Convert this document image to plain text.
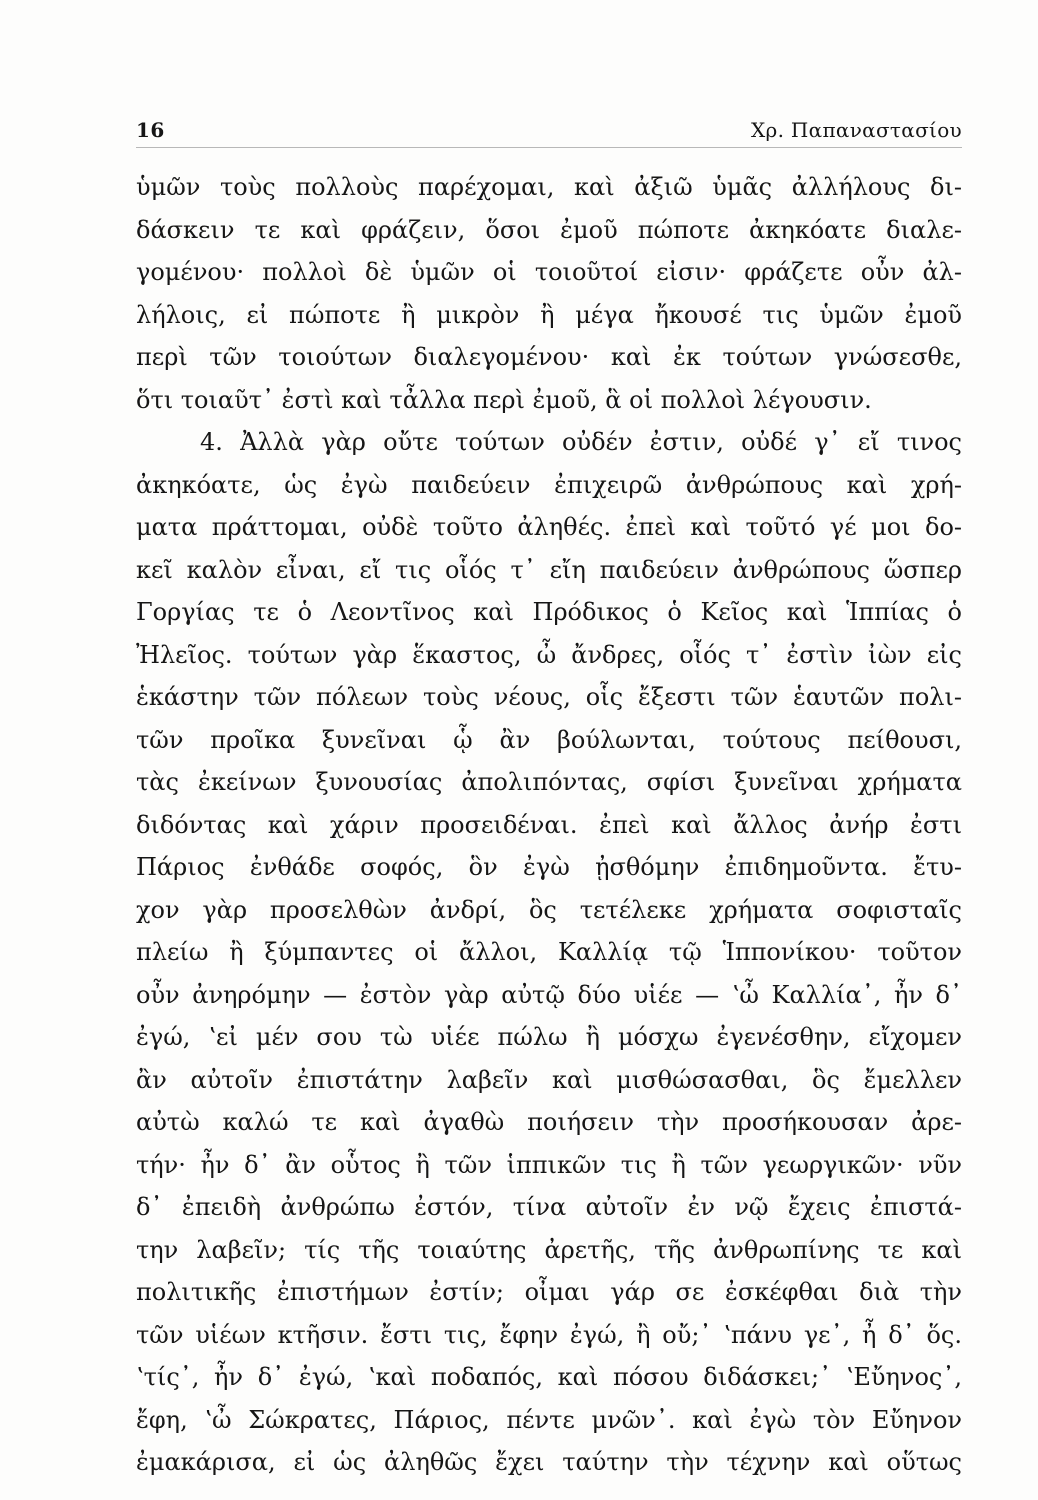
16	Χρ. Παπαναστασίου
ὑμῶν τοὺς πολλοὺς παρέχομαι, καὶ ἀξιῶ ὑμᾶς ἀλλήλους δι-
δάσκειν τε καὶ φράζειν, ὅσοι ἐμοῦ πώποτε ἀκηκόατε διαλε-
γομένου· πολλοὶ δὲ ὑμῶν οἱ τοιοῦτοί εἰσιν· φράζετε οὖν ἀλ-
λήλοις, εἰ πώποτε ἢ μικρὸν ἢ μέγα ἤκουσέ τις ὑμῶν ἐμοῦ
περὶ τῶν τοιούτων διαλεγομένου· καὶ ἐκ τούτων γνώσεσθε,
ὅτι τοιαῦτ᾽ ἐστὶ καὶ τἆλλα περὶ ἐμοῦ, ἃ οἱ πολλοὶ λέγουσιν.
4. Ἀλλὰ γὰρ οὔτε τούτων οὐδέν ἐστιν, οὐδέ γ᾽ εἴ τινος
ἀκηκόατε, ὡς ἐγὼ παιδεύειν ἐπιχειρῶ ἀνθρώπους καὶ χρή-
ματα πράττομαι, οὐδὲ τοῦτο ἀληθές. ἐπεὶ καὶ τοῦτό γέ μοι δο-
κεῖ καλὸν εἶναι, εἴ τις οἷός τ᾽ εἴη παιδεύειν ἀνθρώπους ὥσπερ
Γοργίας τε ὁ Λεοντῖνος καὶ Πρόδικος ὁ Κεῖος καὶ Ἱππίας ὁ
Ἠλεῖος. τούτων γὰρ ἕκαστος, ὦ ἄνδρες, οἷός τ᾽ ἐστὶν ἰὼν εἰς
ἑκάστην τῶν πόλεων τοὺς νέους, οἷς ἔξεστι τῶν ἑαυτῶν πολι-
τῶν προῖκα ξυνεῖναι ᾧ ἂν βούλωνται, τούτους πείθουσι,
τὰς ἐκείνων ξυνουσίας ἀπολιπόντας, σφίσι ξυνεῖναι χρήματα
διδόντας καὶ χάριν προσειδέναι. ἐπεὶ καὶ ἄλλος ἀνήρ ἐστι
Πάριος ἐνθάδε σοφός, ὃν ἐγὼ ᾐσθόμην ἐπιδημοῦντα. ἔτυ-
χον γὰρ προσελθὼν ἀνδρί, ὃς τετέλεκε χρήματα σοφισταῖς
πλείω ἢ ξύμπαντες οἱ ἄλλοι, Καλλίᾳ τῷ Ἱππονίκου· τοῦτον
οὖν ἀνηρόμην — ἐστὸν γὰρ αὐτῷ δύο υἱέε — ʽὦ Καλλία᾽, ἦν δ᾽
ἐγώ, ʽεἰ μέν σου τὼ υἱέε πώλω ἢ μόσχω ἐγενέσθην, εἴχομεν
ἂν αὐτοῖν ἐπιστάτην λαβεῖν καὶ μισθώσασθαι, ὃς ἔμελλεν
αὐτὼ καλώ τε καὶ ἀγαθὼ ποιήσειν τὴν προσήκουσαν ἀρε-
τήν· ἦν δ᾽ ἂν οὗτος ἢ τῶν ἱππικῶν τις ἢ τῶν γεωργικῶν· νῦν
δ᾽ ἐπειδὴ ἀνθρώπω ἐστόν, τίνα αὐτοῖν ἐν νῷ ἔχεις ἐπιστά-
την λαβεῖν; τίς τῆς τοιαύτης ἀρετῆς, τῆς ἀνθρωπίνης τε καὶ
πολιτικῆς ἐπιστήμων ἐστίν; οἶμαι γάρ σε ἐσκέφθαι διὰ τὴν
τῶν υἱέων κτῆσιν. ἔστι τις, ἔφην ἐγώ, ἢ οὔ;᾽ ʽπάνυ γε᾽, ἦ δ᾽ ὅς.
ʽτίς᾽, ἦν δ᾽ ἐγώ, ʽκαὶ ποδαπός, καὶ πόσου διδάσκει;᾽ ʽΕὔηνος᾽,
ἔφη, ʽὦ Σώκρατες, Πάριος, πέντε μνῶν᾽. καὶ ἐγὼ τὸν Εὔηνον
ἐμακάρισα, εἰ ὡς ἀληθῶς ἔχει ταύτην τὴν τέχνην καὶ οὕτως
